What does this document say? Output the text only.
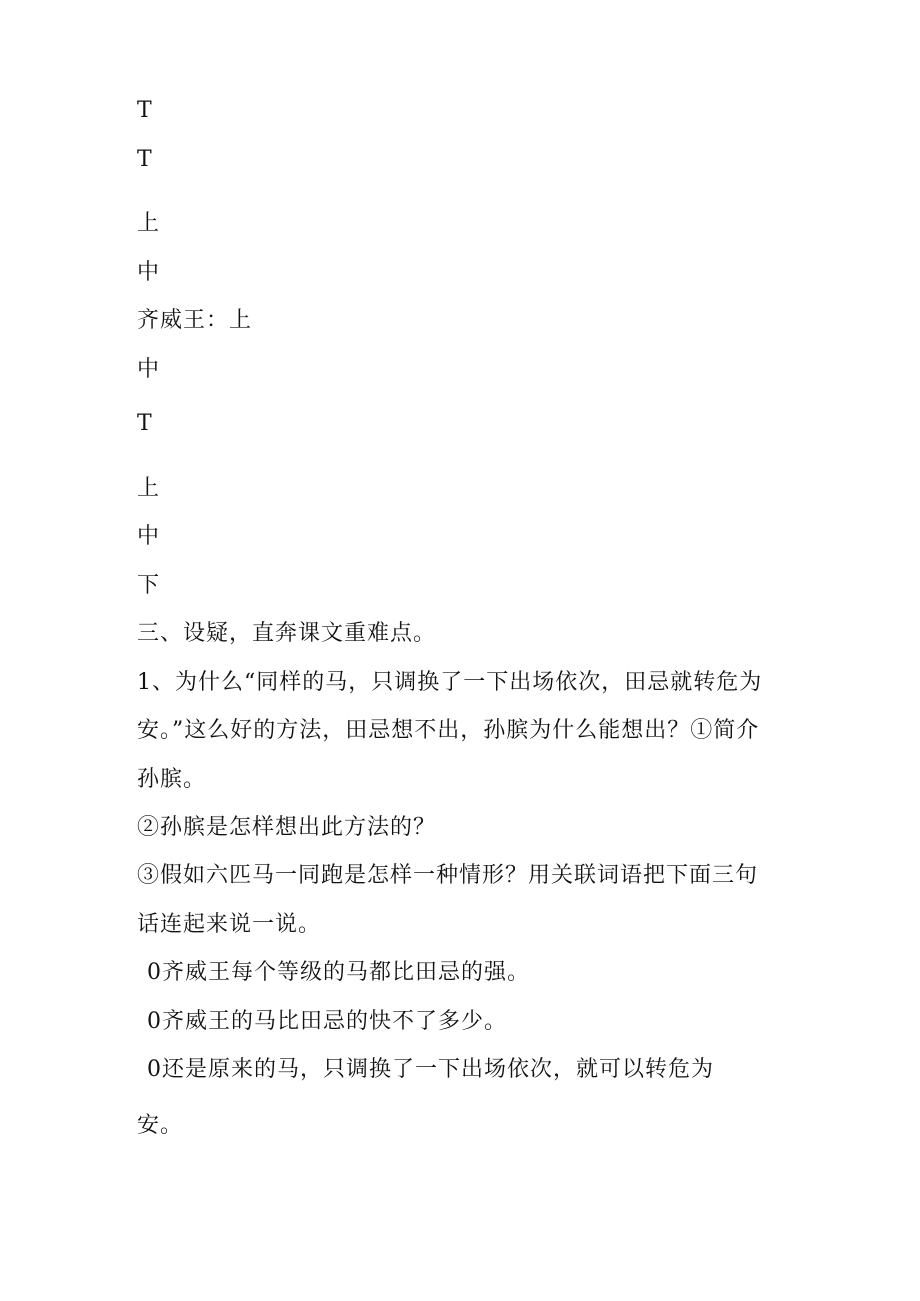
T
T
上
中
齐威王：上
中
T
上
中
下
三、设疑，直奔课文重难点。
1、为什么“同样的马，只调换了一下出场依次，田忌就转危为
安。”这么好的方法，田忌想不出，孙膑为什么能想出？①简介
孙膑。
②孙膑是怎样想出此方法的？
③假如六匹马一同跑是怎样一种情形？用关联词语把下面三句
话连起来说一说。
0齐威王每个等级的马都比田忌的强。
0齐威王的马比田忌的快不了多少。
0还是原来的马，只调换了一下出场依次，就可以转危为
安。
